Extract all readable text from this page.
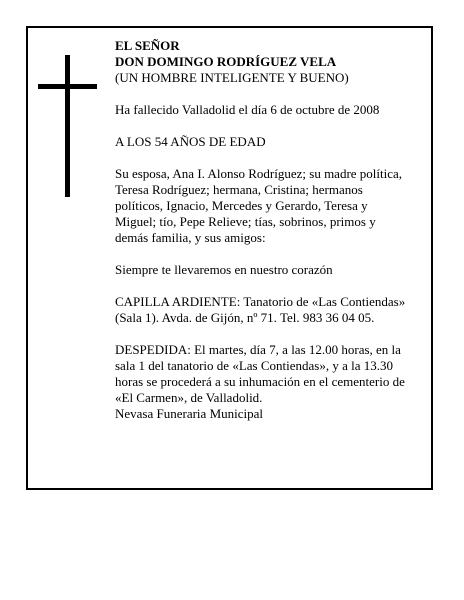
EL SEÑOR

DON DOMINGO RODRÍGUEZ VELA

(UN HOMBRE INTELIGENTE Y BUENO)

Ha fallecido Valladolid el día 6 de octubre de 2008

A LOS 54 AÑOS DE EDAD

Su esposa, Ana I. Alonso Rodríguez; su madre política,

Teresa Rodríguez; hermana, Cristina; hermanos

políticos, Ignacio, Mercedes y Gerardo, Teresa y

Miguel; tío, Pepe Relieve; tías, sobrinos, primos y

demás familia, y sus amigos:

Siempre te llevaremos en nuestro corazón

CAPILLA ARDIENTE: Tanatorio de «Las Contiendas»

(Sala 1). Avda. de Gijón, nº 71. Tel. 983 36 04 05.

DESPEDIDA: El martes, día 7, a las 12.00 horas, en la

sala 1 del tanatorio de «Las Contiendas», y a la 13.30

horas se procederá a su inhumación en el cementerio de

«El Carmen», de Valladolid.

Nevasa Funeraria Municipal
